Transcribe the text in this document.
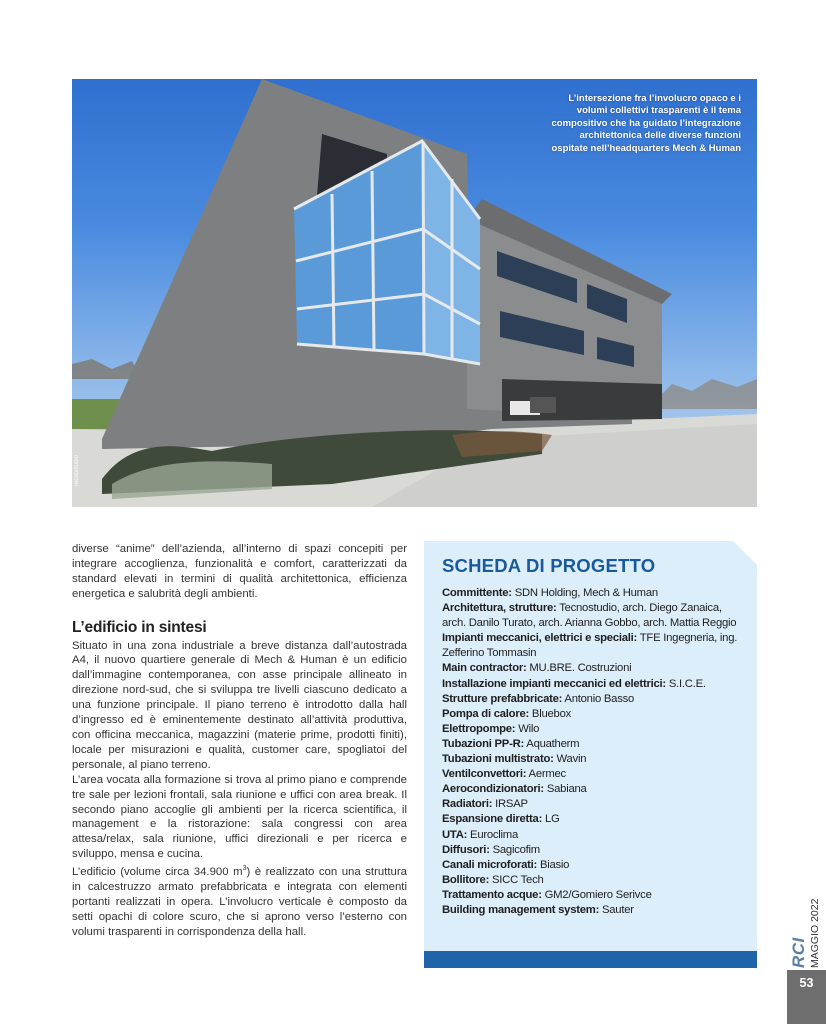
L’intersezione fra l’involucro opaco e i volumi collettivi trasparenti è il tema compositivo che ha guidato l’integrazione architettonica delle diverse funzioni ospitate nell’headquarters Mech & Human
Tecnostudio

diverse “anime” dell’azienda, all’interno di spazi concepiti per integrare accoglienza, funzionalità e comfort, caratterizzati da standard elevati in termini di qualità architettonica, efficienza energetica e salubrità degli ambienti.

L’edificio in sintesi

Situato in una zona industriale a breve distanza dall’autostrada A4, il nuovo quartiere generale di Mech & Human è un edificio dall’immagine contemporanea, con asse principale allineato in direzione nord-sud, che si sviluppa tre livelli ciascuno dedicato a una funzione principale. Il piano terreno è introdotto dalla hall d’ingresso ed è eminentemente destinato all’attività produttiva, con officina meccanica, magazzini (materie prime, prodotti finiti), locale per misurazioni e qualità, customer care, spogliatoi del personale, al piano terreno.

L’area vocata alla formazione si trova al primo piano e comprende tre sale per lezioni frontali, sala riunione e uffici con area break. Il secondo piano accoglie gli ambienti per la ricerca scientifica, il management e la ristorazione: sala congressi con area attesa/relax, sala riunione, uffici direzionali e per ricerca e sviluppo, mensa e cucina.

L’edificio (volume circa 34.900 $m^3$) è realizzato con una struttura in calcestruzzo armato prefabbricata e integrata con elementi portanti realizzati in opera. L’involucro verticale è composto da setti opachi di colore scuro, che si aprono verso l’esterno con volumi trasparenti in corrispondenza della hall.

SCHEDA DI PROGETTO
Committente: SDN Holding, Mech & Human
Architettura, strutture: Tecnostudio, arch. Diego Zanaica, arch. Danilo Turato, arch. Arianna Gobbo, arch. Mattia Reggio
Impianti meccanici, elettrici e speciali: TFE Ingegneria, ing. Zefferino Tommasin
Main contractor: MU.BRE. Costruzioni
Installazione impianti meccanici ed elettrici: S.I.C.E.
Strutture prefabbricate: Antonio Basso
Pompa di calore: Bluebox
Elettropompe: Wilo
Tubazioni PP-R: Aquatherm
Tubazioni multistrato: Wavin
Ventilconvettori: Aermec
Aerocondizionatori: Sabiana
Radiatori: IRSAP
Espansione diretta: LG
UTA: Euroclima
Diffusori: Sagicofim
Canali microforati: Biasio
Bollitore: SICC Tech
Trattamento acque: GM2/Gomiero Serivce
Building management system: Sauter
RCI MAGGIO 2022
53
